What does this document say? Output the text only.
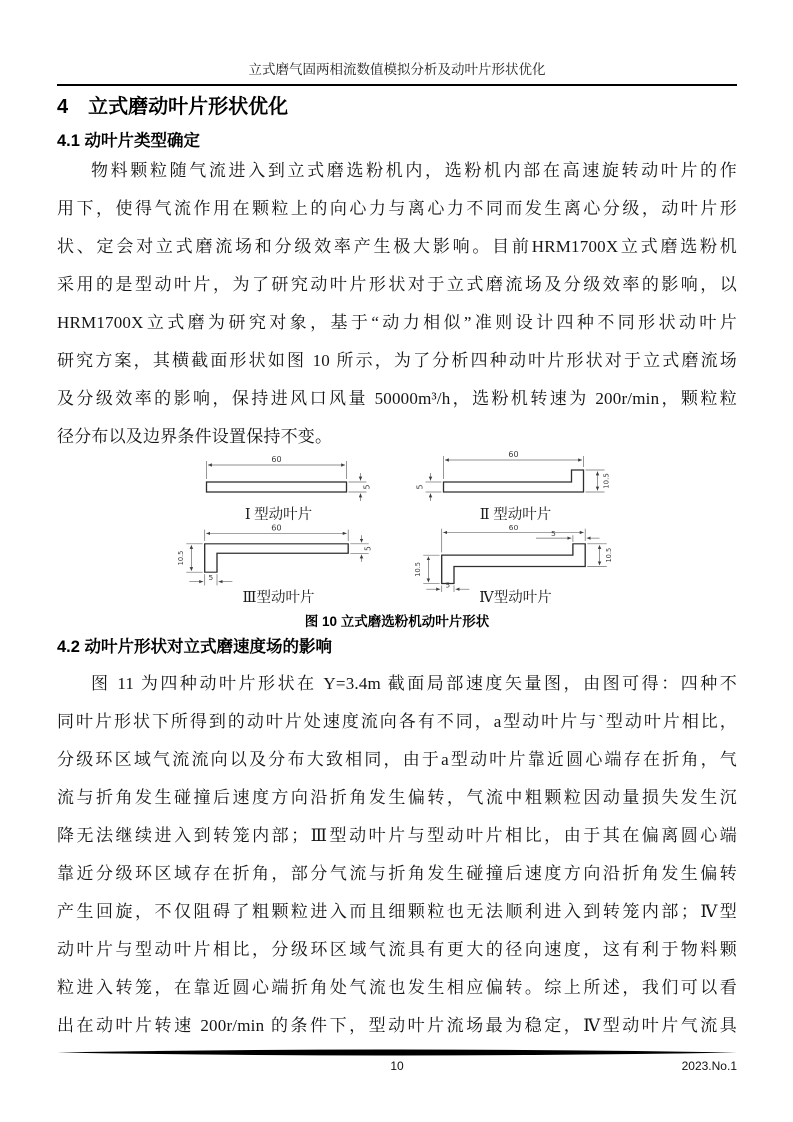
立式磨气固两相流数值模拟分析及动叶片形状优化
4　立式磨动叶片形状优化
4.1 动叶片类型确定
物料颗粒随气流进入到立式磨选粉机内，选粉机内部在高速旋转动叶片的作
用下，使得气流作用在颗粒上的向心力与离心力不同而发生离心分级，动叶片形
状、定会对立式磨流场和分级效率产生极大影响。目前HRM1700X立式磨选粉机
采用的是型动叶片，为了研究动叶片形状对于立式磨流场及分级效率的影响，以
HRM1700X立式磨为研究对象，基于“动力相似”准则设计四种不同形状动叶片
研究方案，其横截面形状如图 10 所示，为了分析四种动叶片形状对于立式磨流场
及分级效率的影响，保持进风口风量 50000m³/h，选粉机转速为 200r/min，颗粒粒
径分布以及边界条件设置保持不变。
60
5
Ⅰ 型动叶片
60
5	10.5
Ⅱ 型动叶片
60
10.5
5
5
Ⅲ型动叶片
60
5
10.5
10.5
5
Ⅳ型动叶片
图 10 立式磨选粉机动叶片形状
4.2 动叶片形状对立式磨速度场的影响
图 11 为四种动叶片形状在 Y=3.4m 截面局部速度矢量图，由图可得：四种不
同叶片形状下所得到的动叶片处速度流向各有不同，a型动叶片与`型动叶片相比，
分级环区域气流流向以及分布大致相同，由于a型动叶片靠近圆心端存在折角，气
流与折角发生碰撞后速度方向沿折角发生偏转，气流中粗颗粒因动量损失发生沉
降无法继续进入到转笼内部；Ⅲ型动叶片与型动叶片相比，由于其在偏离圆心端
靠近分级环区域存在折角，部分气流与折角发生碰撞后速度方向沿折角发生偏转
产生回旋，不仅阻碍了粗颗粒进入而且细颗粒也无法顺利进入到转笼内部；Ⅳ型
动叶片与型动叶片相比，分级环区域气流具有更大的径向速度，这有利于物料颗
粒进入转笼，在靠近圆心端折角处气流也发生相应偏转。综上所述，我们可以看
出在动叶片转速 200r/min 的条件下，型动叶片流场最为稳定，Ⅳ型动叶片气流具
10	2023.No.1
